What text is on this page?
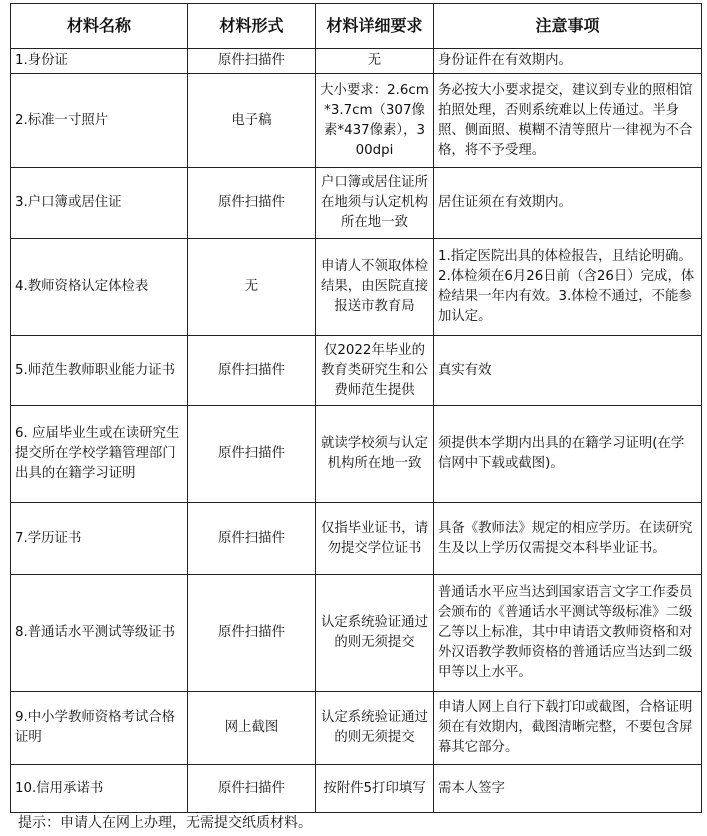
材料名称	材料形式	材料详细要求	注意事项
1.身份证	原件扫描件	无	身份证件在有效期内。
2.标准一寸照片	电子稿	大小要求：2.6cm*3.7cm（307像素*437像素），300dpi	务必按大小要求提交，建议到专业的照相馆拍照处理，否则系统难以上传通过。半身照、侧面照、模糊不清等照片一律视为不合格，将不予受理。
3.户口簿或居住证	原件扫描件	户口簿或居住证所在地须与认定机构所在地一致	居住证须在有效期内。
4.教师资格认定体检表	无	申请人不领取体检结果，由医院直接报送市教育局	1.指定医院出具的体检报告，且结论明确。2.体检须在6月26日前（含26日）完成，体检结果一年内有效。3.体检不通过，不能参加认定。
5.师范生教师职业能力证书	原件扫描件	仅2022年毕业的教育类研究生和公费师范生提供	真实有效
6. 应届毕业生或在读研究生提交所在学校学籍管理部门出具的在籍学习证明	原件扫描件	就读学校须与认定机构所在地一致	须提供本学期内出具的在籍学习证明(在学信网中下载或截图)。
7.学历证书	原件扫描件	仅指毕业证书，请勿提交学位证书	具备《教师法》规定的相应学历。在读研究生及以上学历仅需提交本科毕业证书。
8.普通话水平测试等级证书	原件扫描件	认定系统验证通过的则无须提交	普通话水平应当达到国家语言文字工作委员会颁布的《普通话水平测试等级标准》二级乙等以上标准，其中申请语文教师资格和对外汉语教学教师资格的普通话应当达到二级甲等以上水平。
9.中小学教师资格考试合格证明	网上截图	认定系统验证通过的则无须提交	申请人网上自行下载打印或截图，合格证明须在有效期内，截图清晰完整，不要包含屏幕其它部分。
10.信用承诺书	原件扫描件	按附件5打印填写	需本人签字
提示：申请人在网上办理，无需提交纸质材料。
